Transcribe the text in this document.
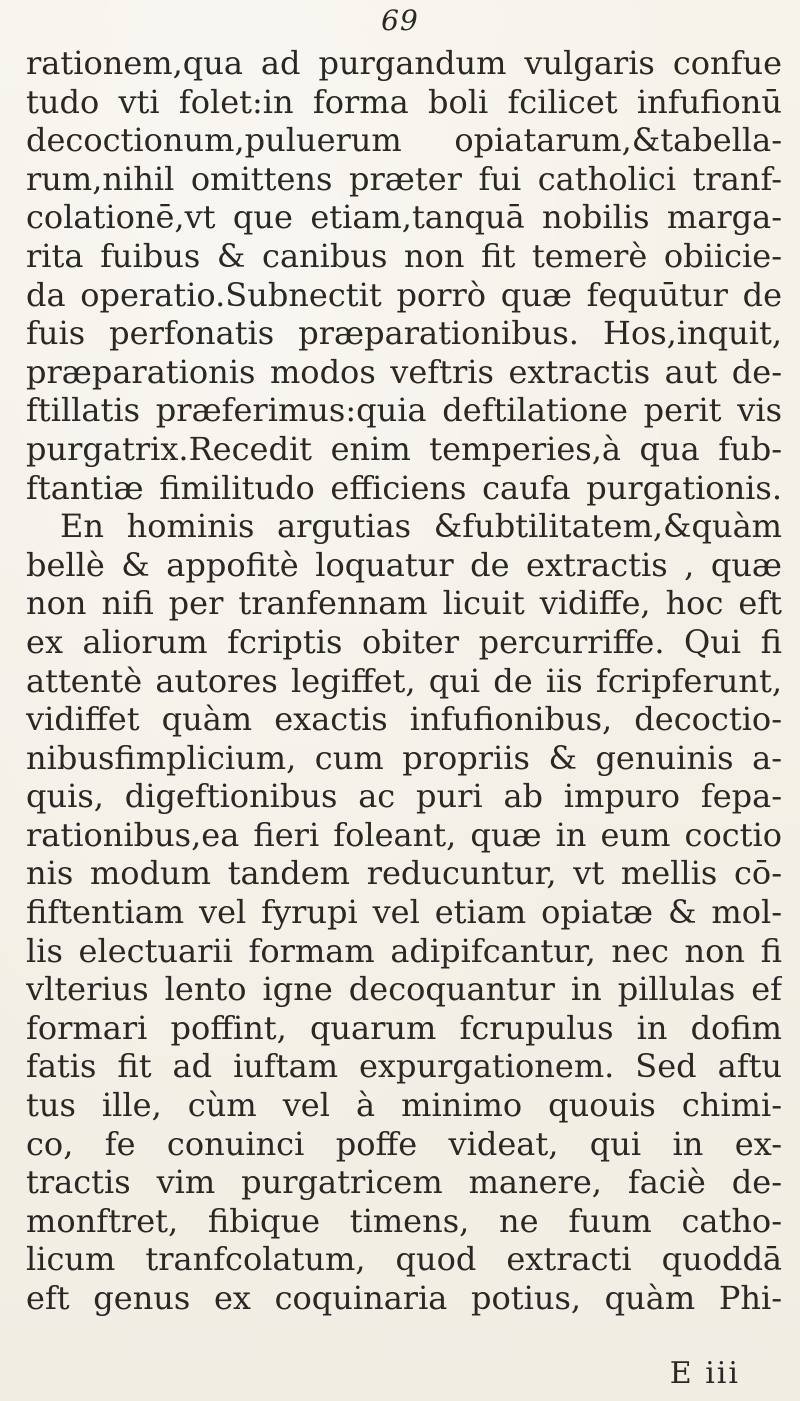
69
rationem,qua ad purgandum vulgaris confue
tudo vti folet:in forma boli fcilicet infufionū
decoctionum,puluerum opiatarum,&tabella-
rum,nihil omittens præter fui catholici tranf-
colationē,vt que etiam,tanquā nobilis marga-
rita fuibus & canibus non fit temerè obiicie-
da operatio.Subnectit porrò quæ fequūtur de
fuis perfonatis præparationibus. Hos,inquit,
præparationis modos veftris extractis aut de-
ftillatis præferimus:quia deftilatione perit vis
purgatrix.Recedit enim temperies,à qua fub-
ftantiæ fimilitudo efficiens caufa purgationis.
En hominis argutias &fubtilitatem,&quàm
bellè & appofitè loquatur de extractis , quæ
non nifi per tranfennam licuit vidiffe, hoc eft
ex aliorum fcriptis obiter percurriffe. Qui fi
attentè autores legiffet, qui de iis fcripferunt,
vidiffet quàm exactis infufionibus, decoctio-
nibusfimplicium, cum propriis & genuinis a-
quis, digeftionibus ac puri ab impuro fepa-
rationibus,ea fieri foleant, quæ in eum coctio
nis modum tandem reducuntur, vt mellis cō-
fiftentiam vel fyrupi vel etiam opiatæ & mol-
lis electuarii formam adipifcantur, nec non fi
vlterius lento igne decoquantur in pillulas ef
formari poffint, quarum fcrupulus in dofim
fatis fit ad iuftam expurgationem. Sed aftu
tus ille, cùm vel à minimo quouis chimi-
co, fe conuinci poffe videat, qui in ex-
tractis vim purgatricem manere, faciè de-
monftret, fibique timens, ne fuum catho-
licum tranfcolatum, quod extracti quoddā
eft genus ex coquinaria potius, quàm Phi-
E iii
